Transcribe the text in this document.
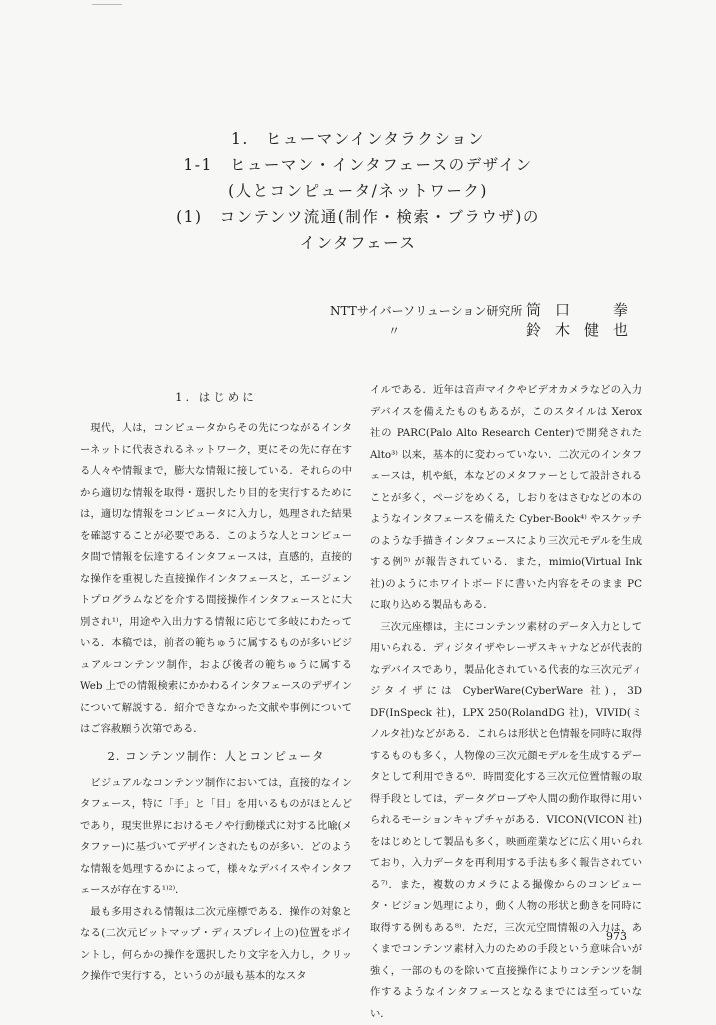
1.　ヒューマンインタラクション
1-1　ヒューマン・インタフェースのデザイン
(人とコンピュータ/ネットワーク)
(1)　コンテンツ流通(制作・検索・ブラウザ)の
インタフェース
NTTサイバーソリューション研究所 筒口　拳
〃	鈴木健也
1. はじめに

現代，人は，コンピュータからその先につながるインターネットに代表されるネットワーク，更にその先に存在する人々や情報まで，膨大な情報に接している．それらの中から適切な情報を取得・選択したり目的を実行するためには，適切な情報をコンピュータに入力し，処理された結果を確認することが必要である．このような人とコンピュータ間で情報を伝達するインタフェースは，直感的，直接的な操作を重視した直接操作インタフェースと，エージェントプログラムなどを介する間接操作インタフェースとに大別され¹⁾，用途や入出力する情報に応じて多岐にわたっている．本稿では，前者の範ちゅうに属するものが多いビジュアルコンテンツ制作，および後者の範ちゅうに属する Web 上での情報検索にかかわるインタフェースのデザインについて解説する．紹介できなかった文献や事例についてはご容赦願う次第である．

2. コンテンツ制作：人とコンピュータ

ビジュアルなコンテンツ制作においては，直接的なインタフェース，特に「手」と「目」を用いるものがほとんどであり，現実世界におけるモノや行動様式に対する比喩(メタファー)に基づいてデザインされたものが多い．どのような情報を処理するかによって，様々なデバイスやインタフェースが存在する¹⁾²⁾．

最も多用される情報は二次元座標である．操作の対象となる(二次元ビットマップ・ディスプレイ上の)位置をポイントし，何らかの操作を選択したり文字を入力し，クリック操作で実行する，というのが最も基本的なスタ

イルである．近年は音声マイクやビデオカメラなどの入力デバイスを備えたものもあるが，このスタイルは Xerox 社の PARC(Palo Alto Research Center)で開発された Alto³⁾ 以来，基本的に変わっていない．二次元のインタフェースは，机や紙，本などのメタファーとして設計されることが多く，ページをめくる，しおりをはさむなどの本のようなインタフェースを備えた Cyber-Book⁴⁾ やスケッチのような手描きインタフェースにより三次元モデルを生成する例⁵⁾ が報告されている．また，mimio(Virtual Ink 社)のようにホワイトボードに書いた内容をそのまま PC に取り込める製品もある．

三次元座標は，主にコンテンツ素材のデータ入力として用いられる．ディジタイザやレーザスキャナなどが代表的なデバイスであり，製品化されている代表的な三次元ディジタイザには CyberWare(CyberWare 社)，3D DF(InSpeck 社)，LPX 250(RolandDG 社)，VIVID(ミノルタ社)などがある．これらは形状と色情報を同時に取得するものも多く，人物像の三次元顔モデルを生成するデータとして利用できる⁶⁾．時間変化する三次元位置情報の取得手段としては，データグローブや人間の動作取得に用いられるモーションキャプチャがある．VICON(VICON 社)をはじめとして製品も多く，映画産業などに広く用いられており，入力データを再利用する手法も多く報告されている⁷⁾．また，複数のカメラによる撮像からのコンピュータ・ビジョン処理により，動く人物の形状と動きを同時に取得する例もある⁸⁾．ただ，三次元空間情報の入力は，あくまでコンテンツ素材入力のための手段という意味合いが強く，一部のものを除いて直接操作によりコンテンツを制作するようなインタフェースとなるまでには至っていない．

973
